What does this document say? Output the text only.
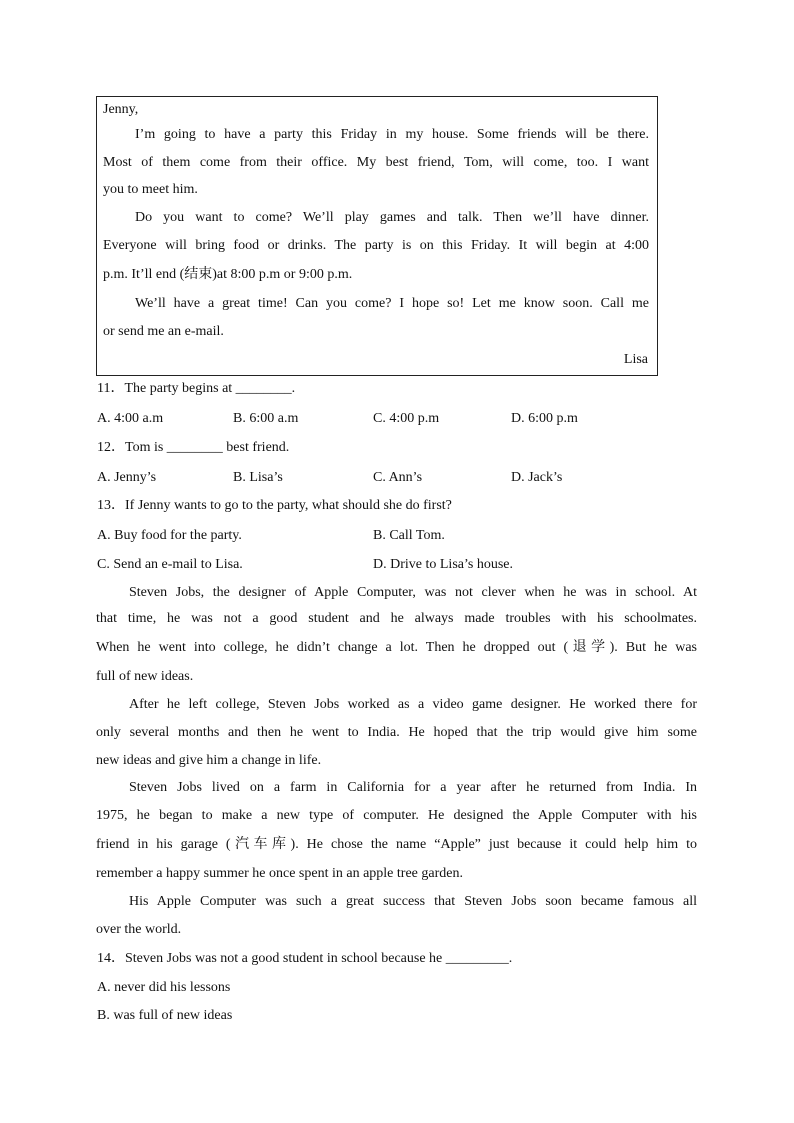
Jenny,
I’m going to have a party this Friday in my house. Some friends will be there.
Most of them come from their office. My best friend, Tom, will come, too. I want
you to meet him.
Do you want to come? We’ll play games and talk. Then we’ll have dinner.
Everyone will bring food or drinks. The party is on this Friday. It will begin at 4:00
p.m. It’ll end (结束)at 8:00 p.m or 9:00 p.m.
We’ll have a great time! Can you come? I hope so! Let me know soon. Call me
or send me an e-mail.
Lisa
11．The party begins at ________.
A. 4:00 a.m	B. 6:00 a.m	C. 4:00 p.m	D. 6:00 p.m
12．Tom is ________ best friend.
A. Jenny’s	B. Lisa’s	C. Ann’s	D. Jack’s
13．If Jenny wants to go to the party, what should she do first?
A. Buy food for the party.	B. Call Tom.
C. Send an e-mail to Lisa.	D. Drive to Lisa’s house.
Steven Jobs, the designer of Apple Computer, was not clever when he was in school. At
that time, he was not a good student and he always made troubles with his schoolmates.
When he went into college, he didn’t change a lot. Then he dropped out (退学). But he was
full of new ideas.
After he left college, Steven Jobs worked as a video game designer. He worked there for
only several months and then he went to India. He hoped that the trip would give him some
new ideas and give him a change in life.
Steven Jobs lived on a farm in California for a year after he returned from India. In
1975, he began to make a new type of computer. He designed the Apple Computer with his
friend in his garage (汽车库). He chose the name “Apple” just because it could help him to
remember a happy summer he once spent in an apple tree garden.
His Apple Computer was such a great success that Steven Jobs soon became famous all
over the world.
14．Steven Jobs was not a good student in school because he _________.
A. never did his lessons
B. was full of new ideas
